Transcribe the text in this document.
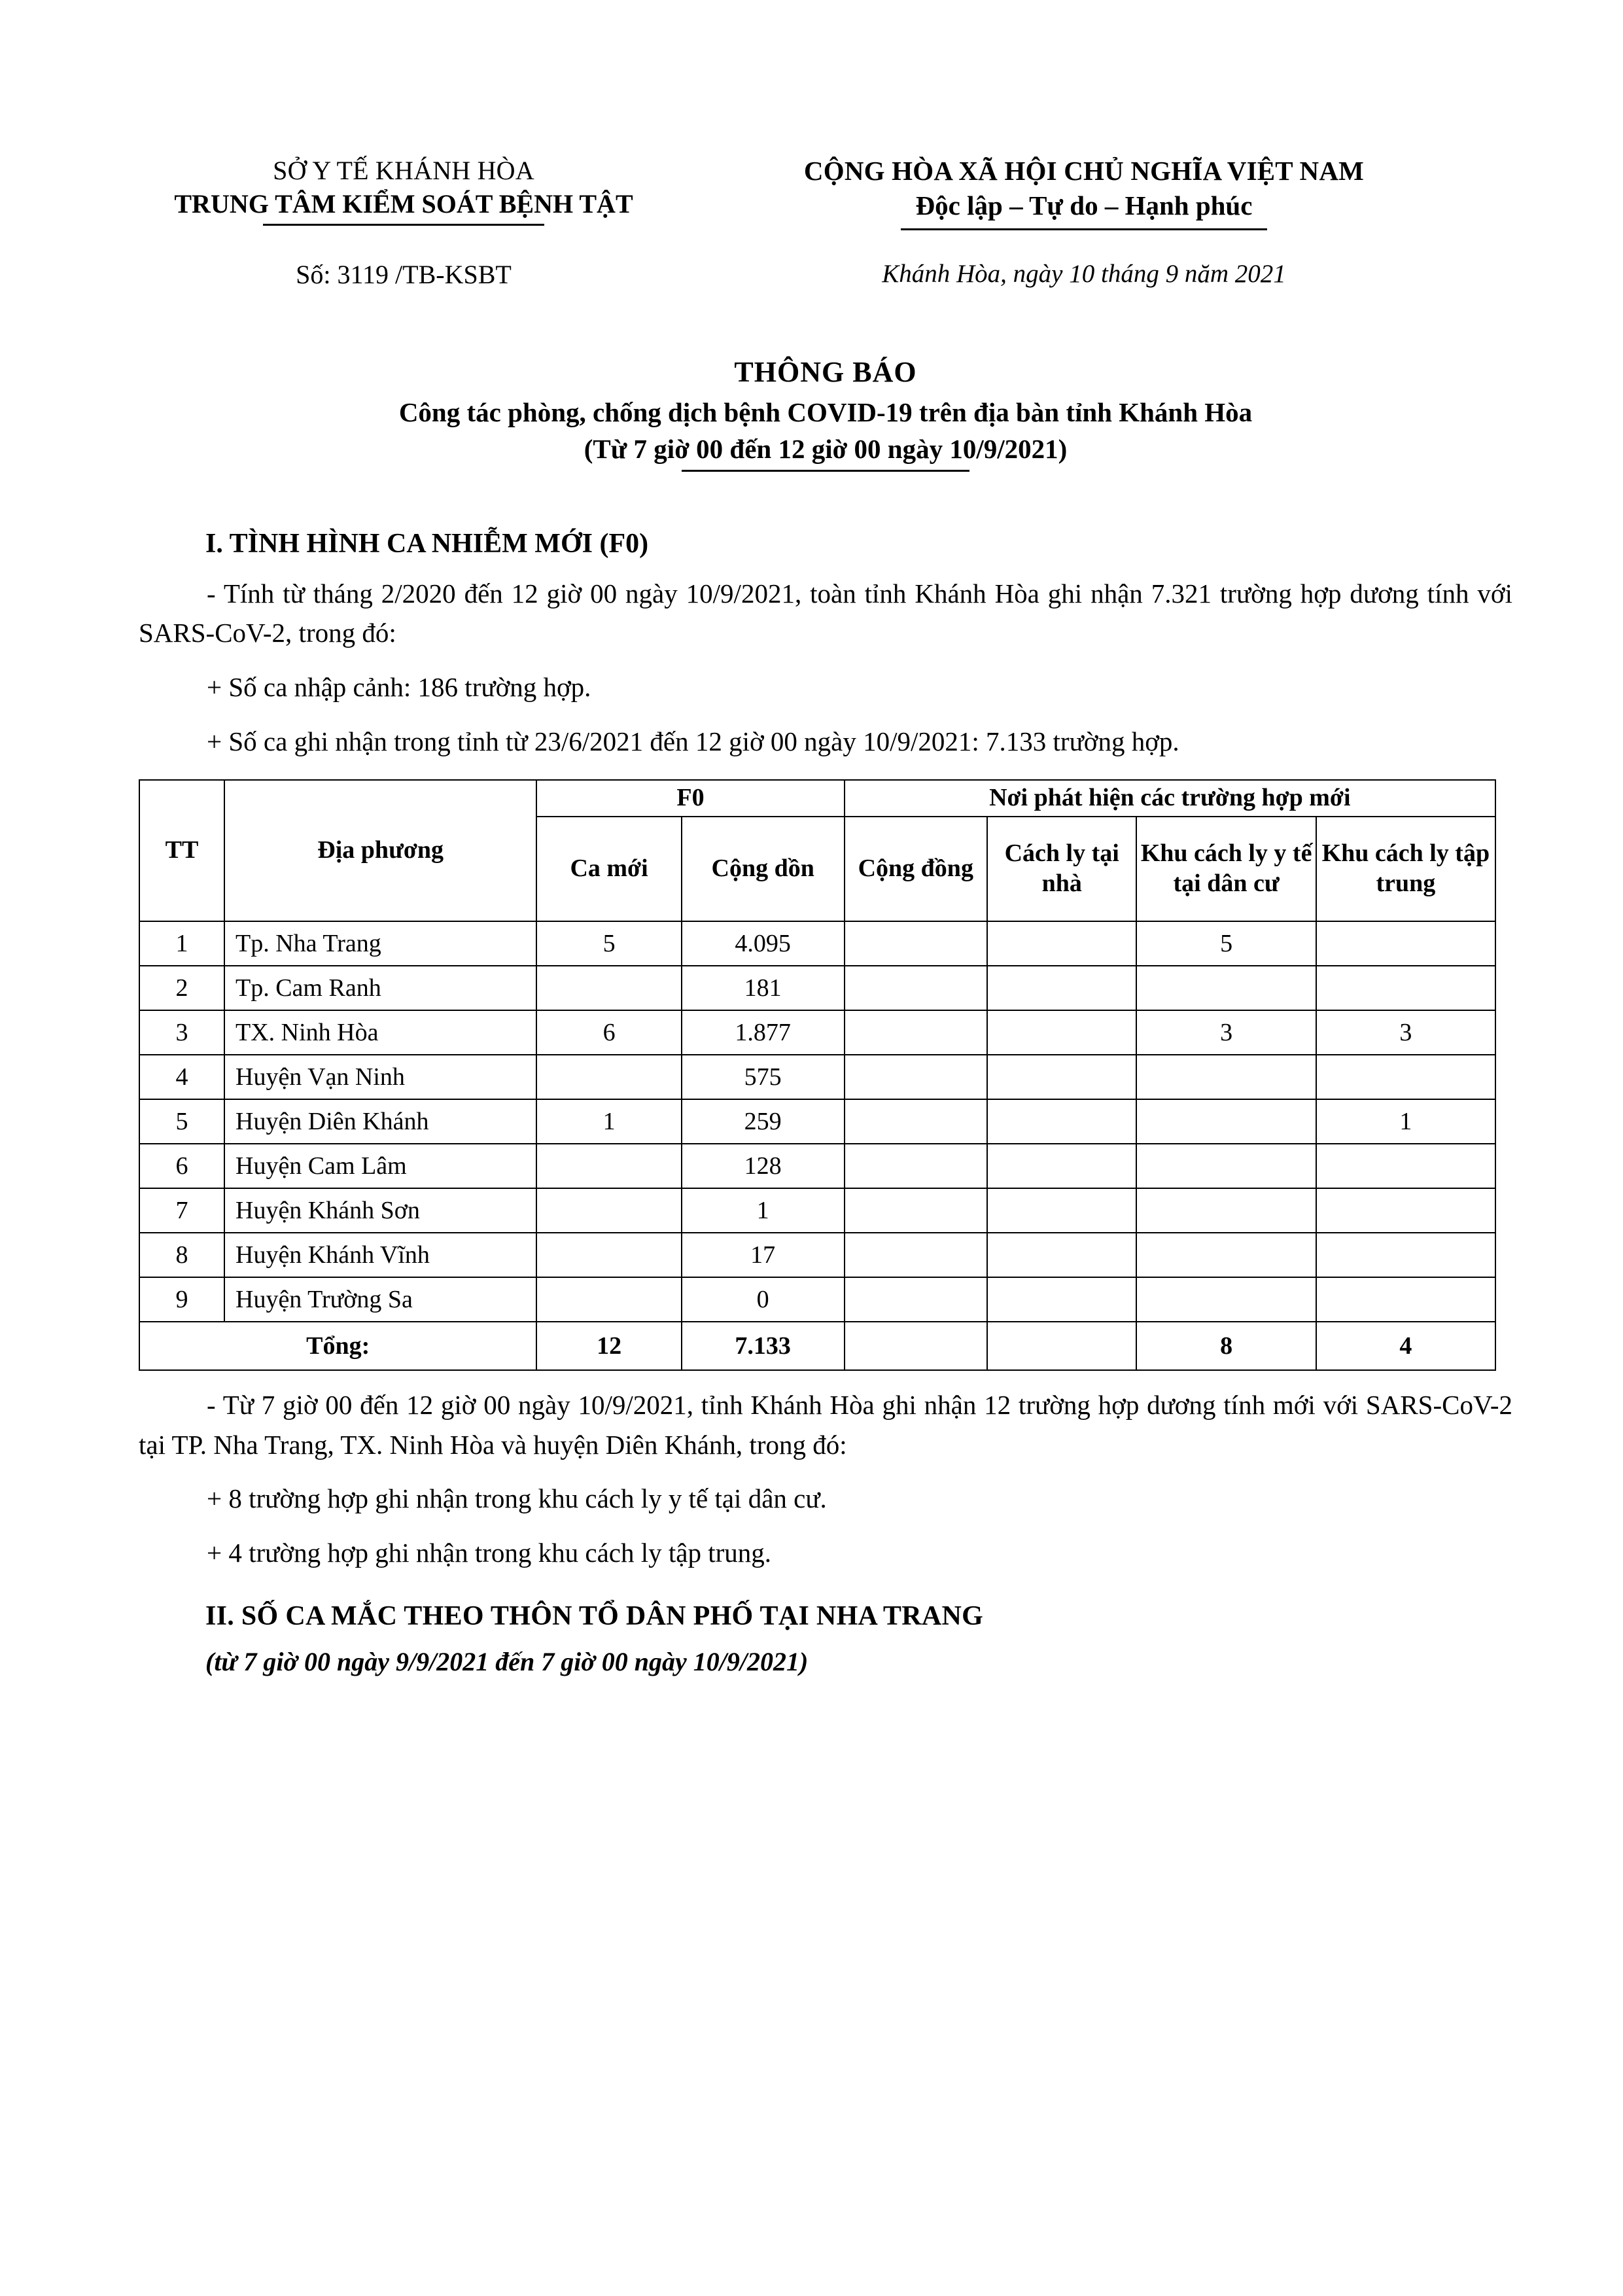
SỞ Y TẾ KHÁNH HÒA
TRUNG TÂM KIỂM SOÁT BỆNH TẬT
CỘNG HÒA XÃ HỘI CHỦ NGHĨA VIỆT NAM
Độc lập – Tự do – Hạnh phúc
Số: 3119 /TB-KSBT	Khánh Hòa, ngày 10 tháng 9 năm 2021
THÔNG BÁO
Công tác phòng, chống dịch bệnh COVID-19 trên địa bàn tỉnh Khánh Hòa
(Từ 7 giờ 00 đến 12 giờ 00 ngày 10/9/2021)
I. TÌNH HÌNH CA NHIỄM MỚI (F0)

- Tính từ tháng 2/2020 đến 12 giờ 00 ngày 10/9/2021, toàn tỉnh Khánh Hòa ghi nhận 7.321 trường hợp dương tính với SARS-CoV-2, trong đó:

+ Số ca nhập cảnh: 186 trường hợp.

+ Số ca ghi nhận trong tỉnh từ 23/6/2021 đến 12 giờ 00 ngày 10/9/2021: 7.133 trường hợp.

TT	Địa phương	F0		Nơi phát hiện các trường hợp mới			
		Ca mới	Cộng dồn	Cộng đồng	Cách ly tại nhà	Khu cách ly y tế tại dân cư	Khu cách ly tập trung
1	Tp. Nha Trang	5	4.095			5	
2	Tp. Cam Ranh		181				
3	TX. Ninh Hòa	6	1.877			3	3
4	Huyện Vạn Ninh		575				
5	Huyện Diên Khánh	1	259				1
6	Huyện Cam Lâm		128				
7	Huyện Khánh Sơn		1				
8	Huyện Khánh Vĩnh		17				
9	Huyện Trường Sa		0				
Tổng:		12	7.133			8	4

- Từ 7 giờ 00 đến 12 giờ 00 ngày 10/9/2021, tỉnh Khánh Hòa ghi nhận 12 trường hợp dương tính mới với SARS-CoV-2 tại TP. Nha Trang, TX. Ninh Hòa và huyện Diên Khánh, trong đó:

+ 8 trường hợp ghi nhận trong khu cách ly y tế tại dân cư.

+ 4 trường hợp ghi nhận trong khu cách ly tập trung.

II. SỐ CA MẮC THEO THÔN TỔ DÂN PHỐ TẠI NHA TRANG
(từ 7 giờ 00 ngày 9/9/2021 đến 7 giờ 00 ngày 10/9/2021)
